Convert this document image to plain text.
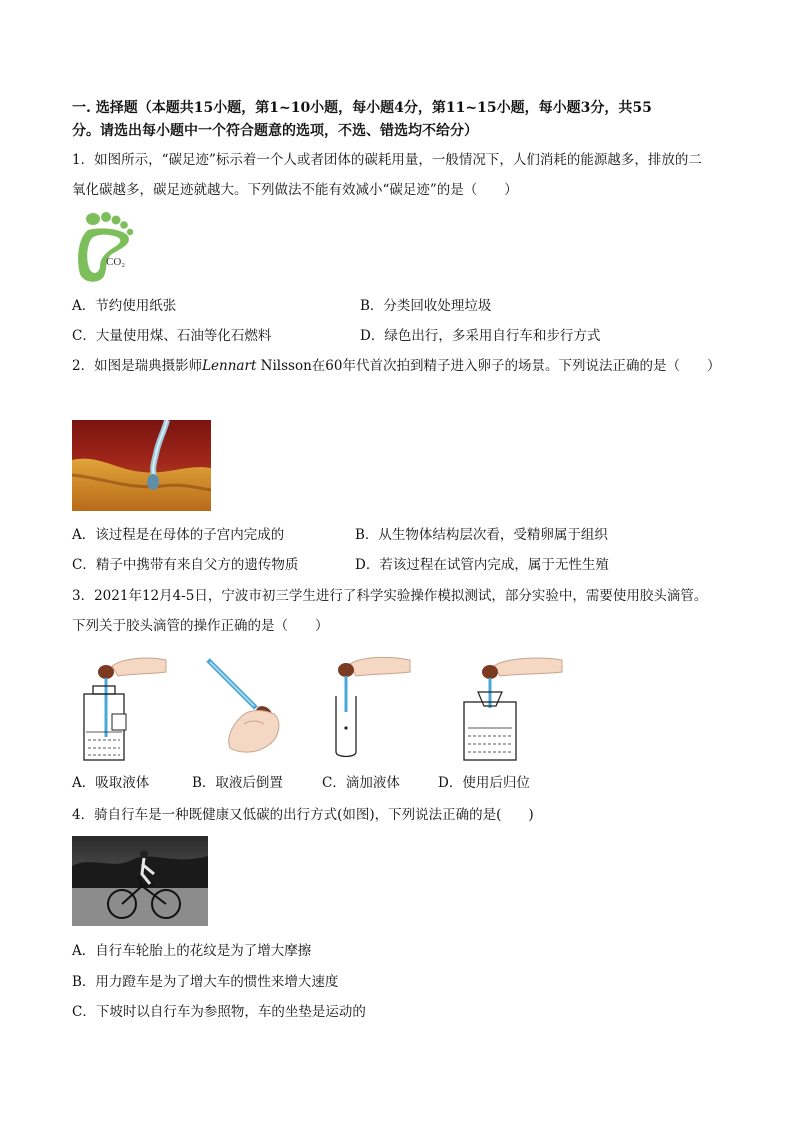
一. 选择题（本题共15小题，第1~10小题，每小题4分，第11~15小题，每小题3分，共55
分。请选出每小题中一个符合题意的选项，不选、错选均不给分）
1．如图所示，“碳足迹”标示着一个人或者团体的碳耗用量，一般情况下，人们消耗的能源越多，排放的二
氧化碳越多，碳足迹就越大。下列做法不能有效减小“碳足迹”的是（　　）
CO₂
A．节约使用纸张	B．分类回收处理垃圾
C．大量使用煤、石油等化石燃料	D．绿色出行，多采用自行车和步行方式
2．如图是瑞典摄影师Lennart Nilsson在60年代首次拍到精子进入卵子的场景。下列说法正确的是（　　）
A．该过程是在母体的子宫内完成的	B．从生物体结构层次看，受精卵属于组织
C．精子中携带有来自父方的遗传物质	D．若该过程在试管内完成，属于无性生殖
3．2021年12月4-5日，宁波市初三学生进行了科学实验操作模拟测试，部分实验中，需要使用胶头滴管。
下列关于胶头滴管的操作正确的是（　　）
A．吸取液体	B．取液后倒置	C．滴加液体	D．使用后归位
4．骑自行车是一种既健康又低碳的出行方式(如图)，下列说法正确的是(　　)
A．自行车轮胎上的花纹是为了增大摩擦
B．用力蹬车是为了增大车的惯性来增大速度
C．下坡时以自行车为参照物，车的坐垫是运动的
